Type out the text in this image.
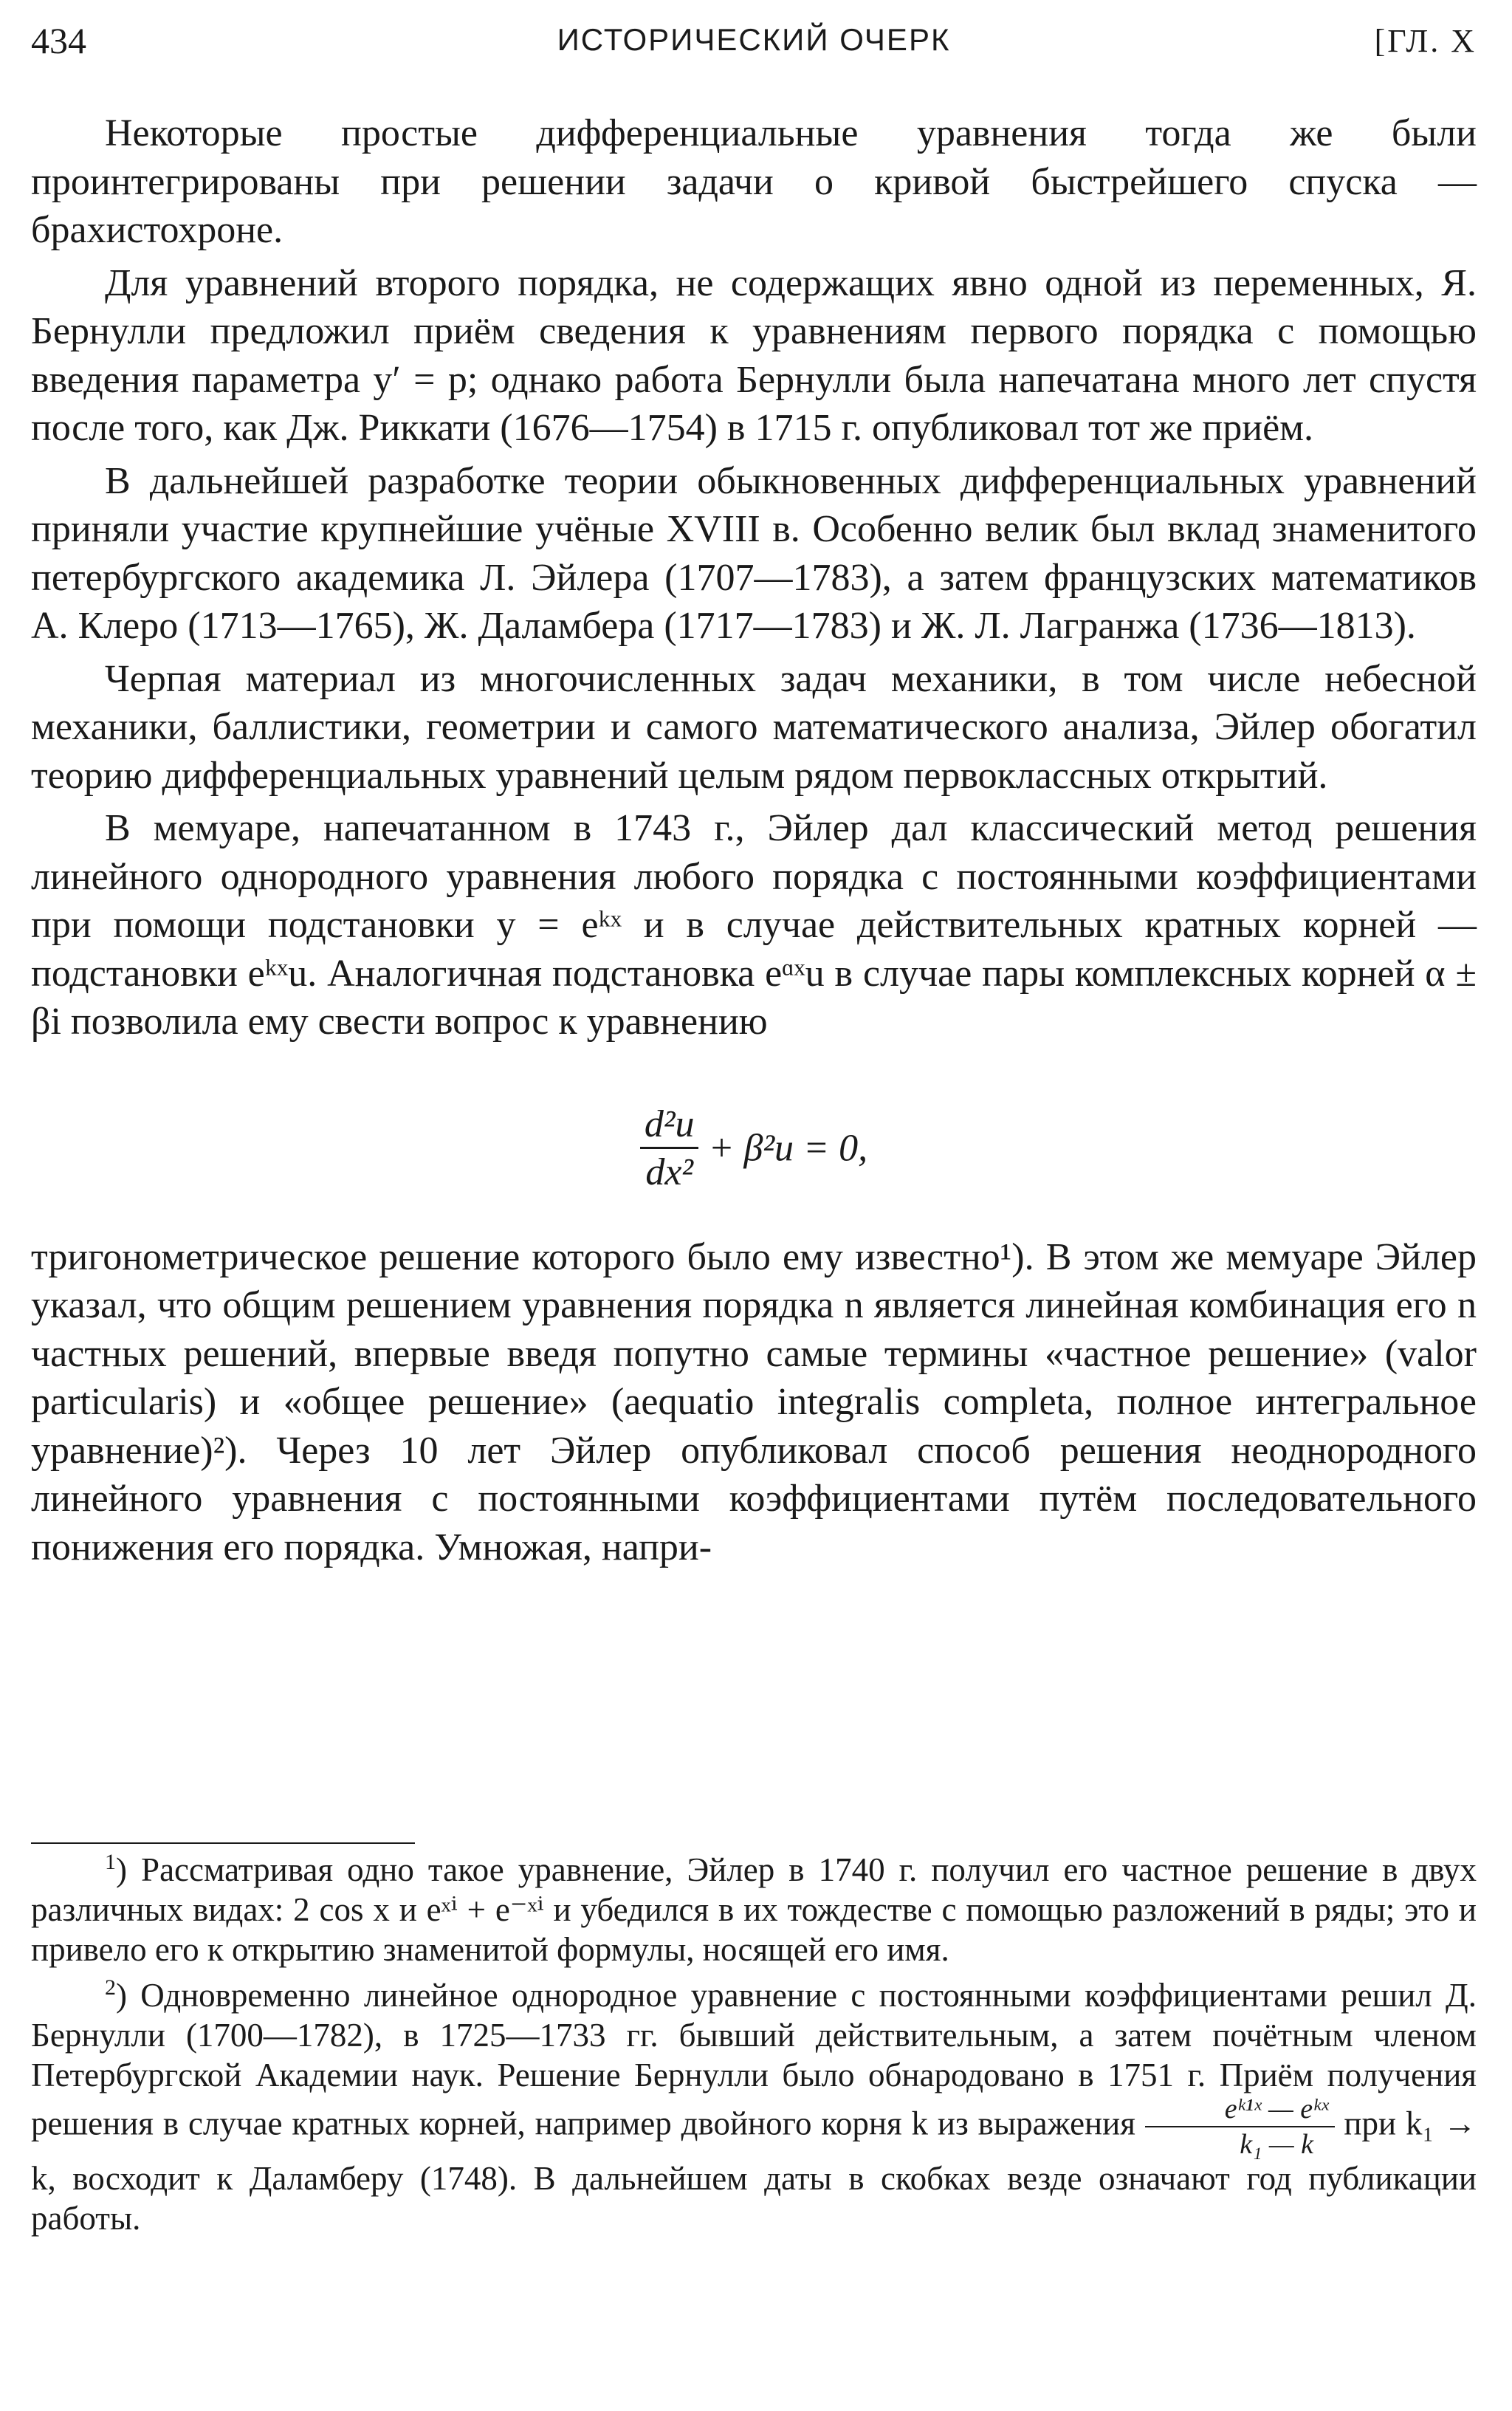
434	ИСТОРИЧЕСКИЙ ОЧЕРК	[ГЛ. X

Некоторые простые дифференциальные уравнения тогда же были проинтегрированы при решении задачи о кривой быстрейшего спуска — брахистохроне.

Для уравнений второго порядка, не содержащих явно одной из переменных, Я. Бернулли предложил приём сведения к уравнениям первого порядка с помощью введения параметра y′ = p; однако работа Бернулли была напечатана много лет спустя после того, как Дж. Риккати (1676—1754) в 1715 г. опубликовал тот же приём.

В дальнейшей разработке теории обыкновенных дифференциальных уравнений приняли участие крупнейшие учёные XVIII в. Особенно велик был вклад знаменитого петербургского академика Л. Эйлера (1707—1783), а затем французских математиков А. Клеро (1713—1765), Ж. Даламбера (1717—1783) и Ж. Л. Лагранжа (1736—1813).

Черпая материал из многочисленных задач механики, в том числе небесной механики, баллистики, геометрии и самого математического анализа, Эйлер обогатил теорию дифференциальных уравнений целым рядом первоклассных открытий.

В мемуаре, напечатанном в 1743 г., Эйлер дал классический метод решения линейного однородного уравнения любого порядка с постоянными коэффициентами при помощи подстановки y = eᵏˣ и в случае действительных кратных корней — подстановки eᵏˣu. Аналогичная подстановка eᵅˣu в случае пары комплексных корней α ± βi позволила ему свести вопрос к уравнению

$\frac{\text{d²u}}{\text{dx²}} + \beta^2u = 0$,

тригонометрическое решение которого было ему известно¹). В этом же мемуаре Эйлер указал, что общим решением уравнения порядка n является линейная комбинация его n частных решений, впервые введя попутно самые термины «частное решение» (valor particularis) и «общее решение» (aequatio integralis completa, полное интегральное уравнение)²). Через 10 лет Эйлер опубликовал способ решения неоднородного линейного уравнения с постоянными коэффициентами путём последовательного понижения его порядка. Умножая, напри-

$^1$) Рассматривая одно такое уравнение, Эйлер в 1740 г. получил его частное решение в двух различных видах: 2 cos x и eˣⁱ + e⁻ˣⁱ и убедился в их тождестве с помощью разложений в ряды; это и привело его к открытию знаменитой формулы, носящей его имя.

$^2$) Одновременно линейное однородное уравнение с постоянными коэффициентами решил Д. Бернулли (1700—1782), в 1725—1733 гг. бывший действительным, а затем почётным членом Петербургской Академии наук. Решение Бернулли было обнародовано в 1751 г. Приём получения решения в случае кратных корней, например двойного корня k из выражения $\frac{\text{eᵏ¹ˣ — eᵏˣ}}{\text{k₁ — k}}$ при k₁ → k, восходит к Даламберу (1748). В дальнейшем даты в скобках везде означают год публикации работы.
